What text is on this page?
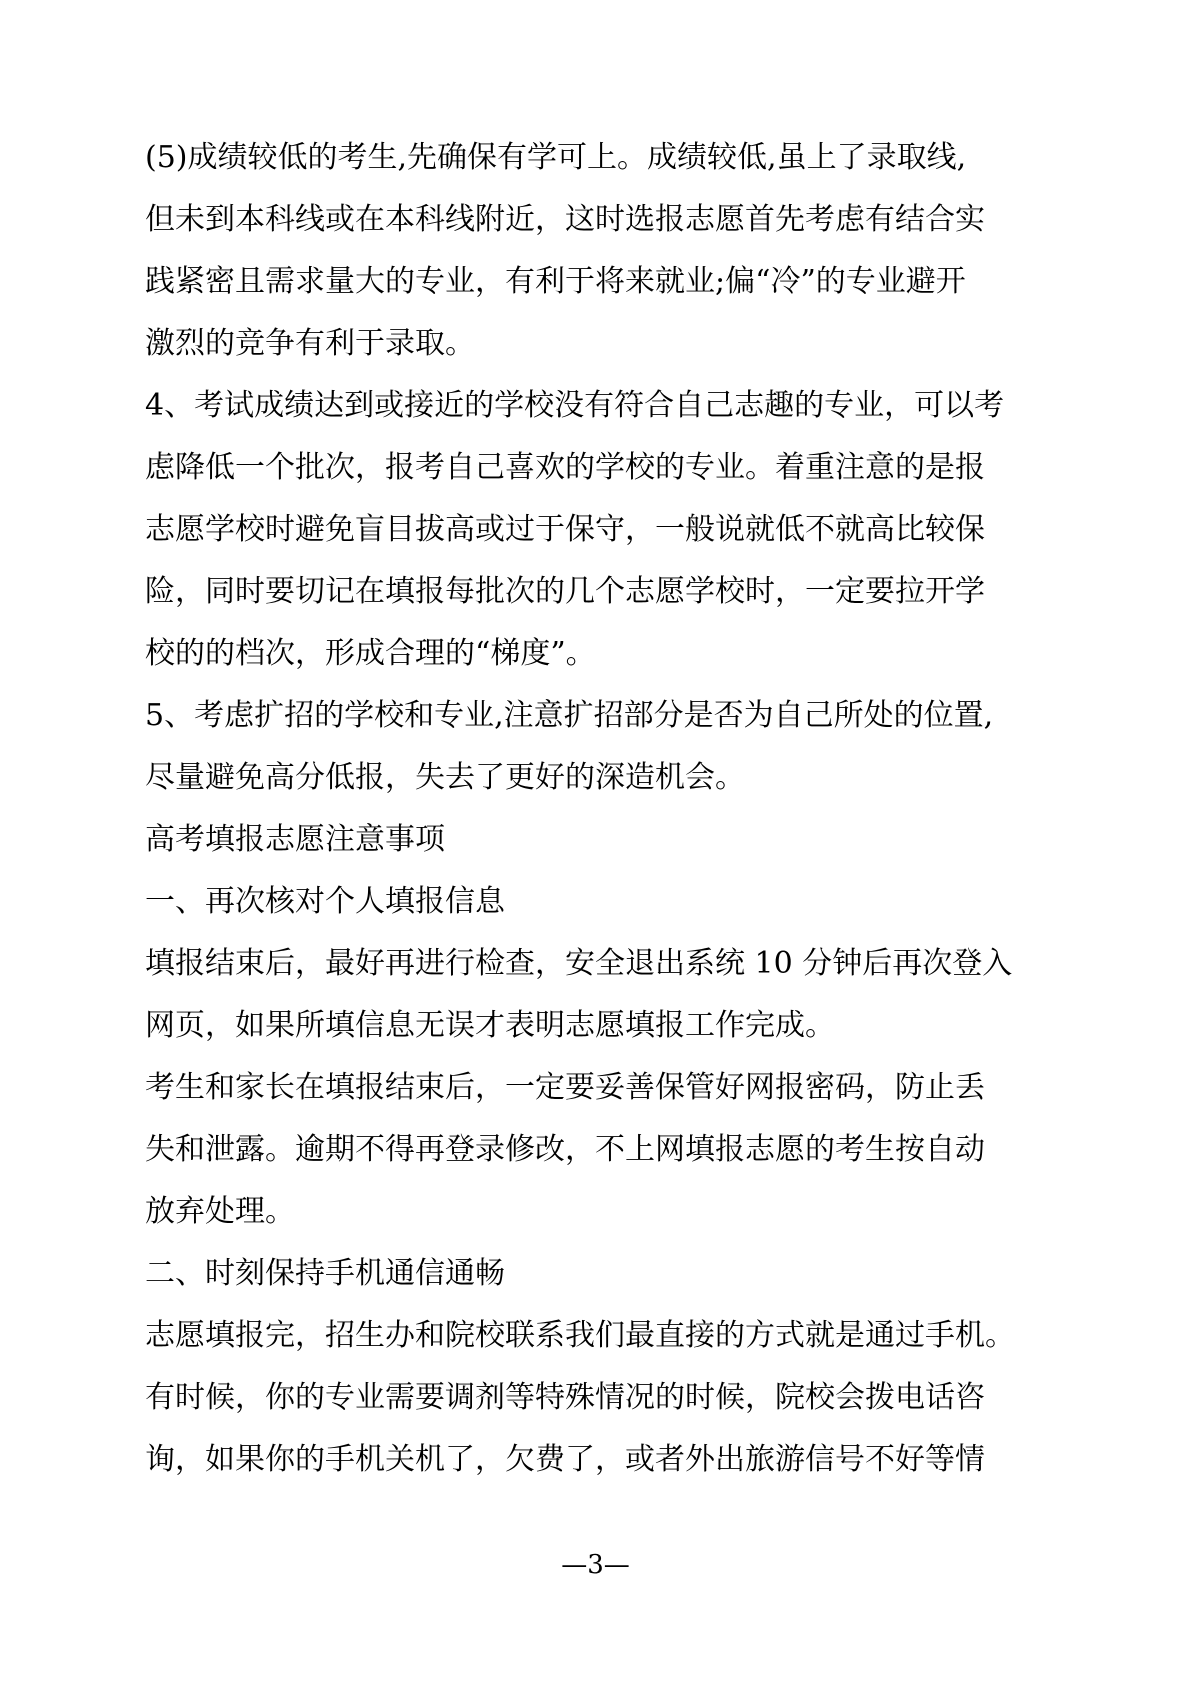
(5)成绩较低的考生,先确保有学可上。成绩较低,虽上了录取线,
但未到本科线或在本科线附近，这时选报志愿首先考虑有结合实
践紧密且需求量大的专业，有利于将来就业;偏“冷”的专业避开
激烈的竞争有利于录取。
4、考试成绩达到或接近的学校没有符合自己志趣的专业，可以考
虑降低一个批次，报考自己喜欢的学校的专业。着重注意的是报
志愿学校时避免盲目拔高或过于保守，一般说就低不就高比较保
险，同时要切记在填报每批次的几个志愿学校时，一定要拉开学
校的的档次，形成合理的“梯度”。
5、考虑扩招的学校和专业,注意扩招部分是否为自己所处的位置,
尽量避免高分低报，失去了更好的深造机会。
高考填报志愿注意事项
一、再次核对个人填报信息
填报结束后，最好再进行检查，安全退出系统 10 分钟后再次登入
网页，如果所填信息无误才表明志愿填报工作完成。
考生和家长在填报结束后，一定要妥善保管好网报密码，防止丢
失和泄露。逾期不得再登录修改，不上网填报志愿的考生按自动
放弃处理。
二、时刻保持手机通信通畅
志愿填报完，招生办和院校联系我们最直接的方式就是通过手机。
有时候，你的专业需要调剂等特殊情况的时候，院校会拨电话咨
询，如果你的手机关机了，欠费了，或者外出旅游信号不好等情
—3—
